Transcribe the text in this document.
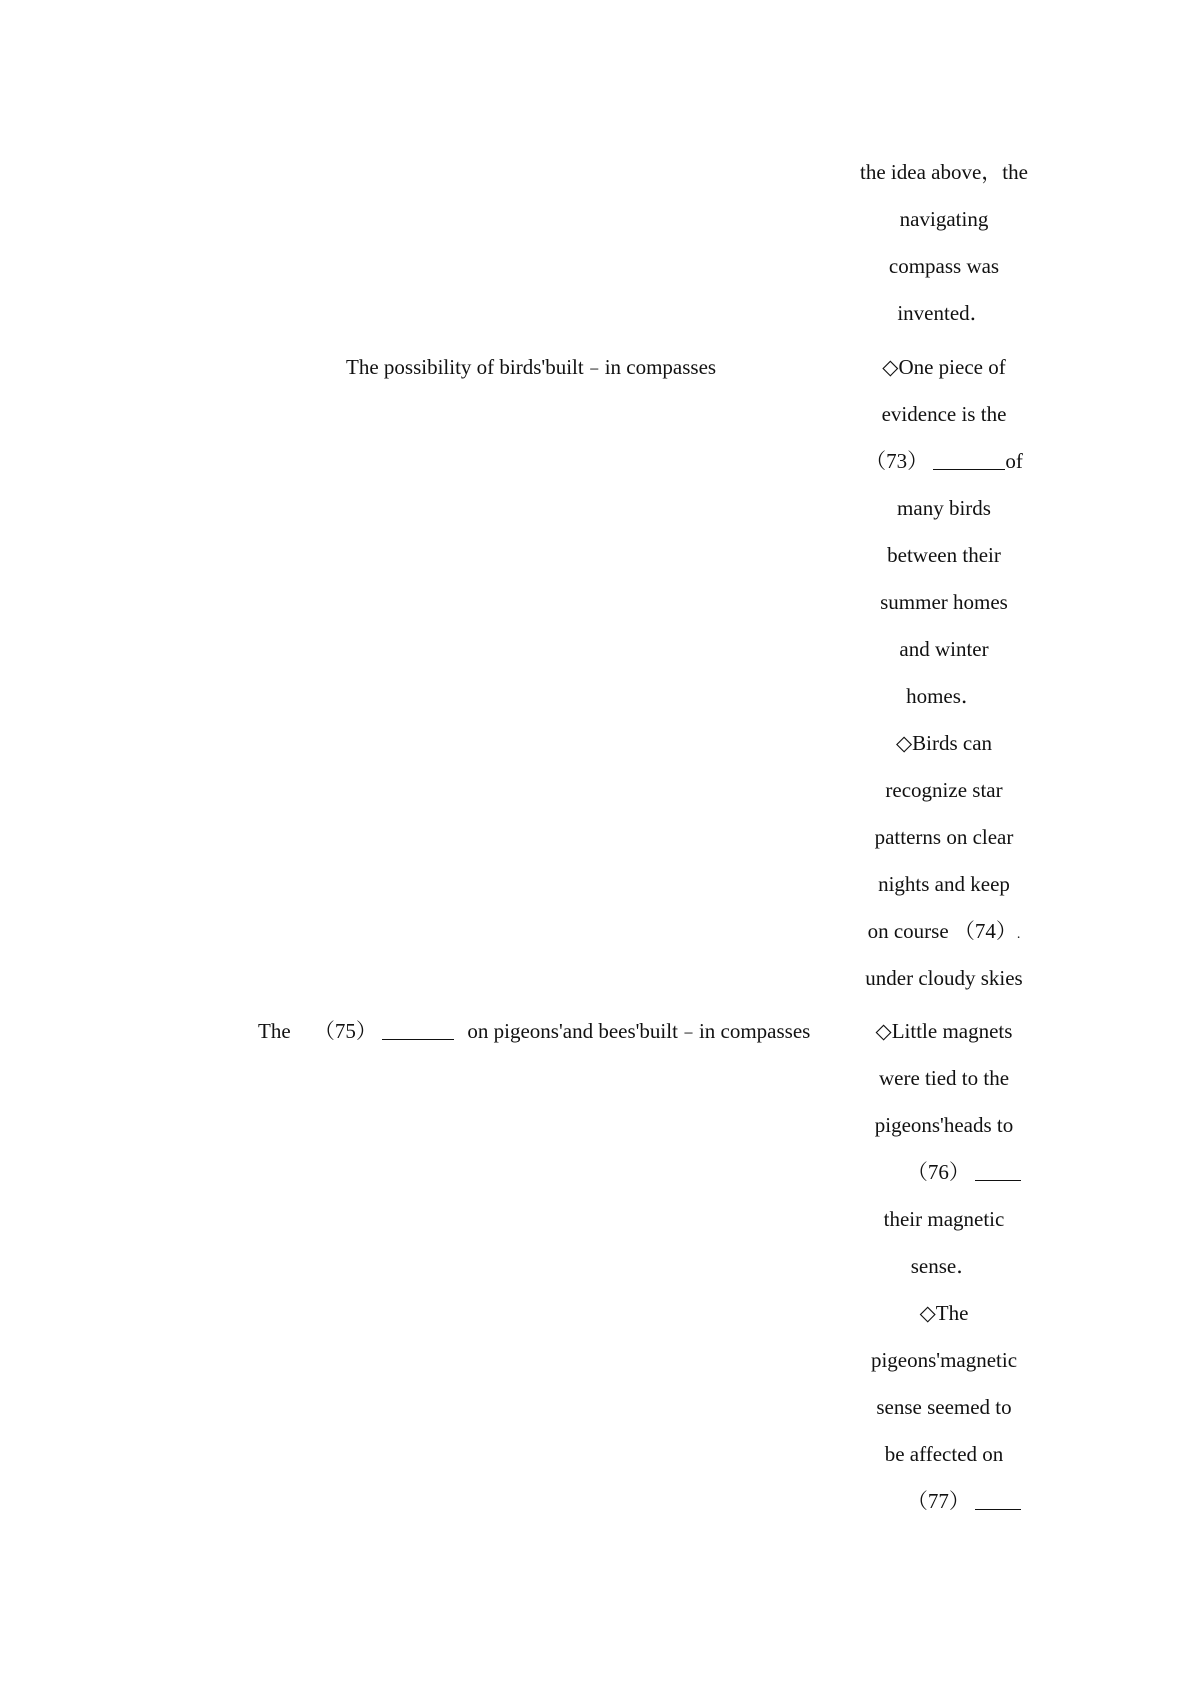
the idea above，the
navigating
compass was
invented．
The possibility of birds'built﹣in compasses	◇One piece of
evidence is the
（73）	of
many birds
between their
summer homes
and winter
homes．
◇Birds can
recognize star
patterns on clear
nights and keep
on course （74）.
under cloudy skies
The （75）	on pigeons'and bees'built﹣in compasses	◇Little magnets
were tied to the
pigeons'heads to
（76）
their magnetic
sense．
◇The
pigeons'magnetic
sense seemed to
be affected on
（77）
